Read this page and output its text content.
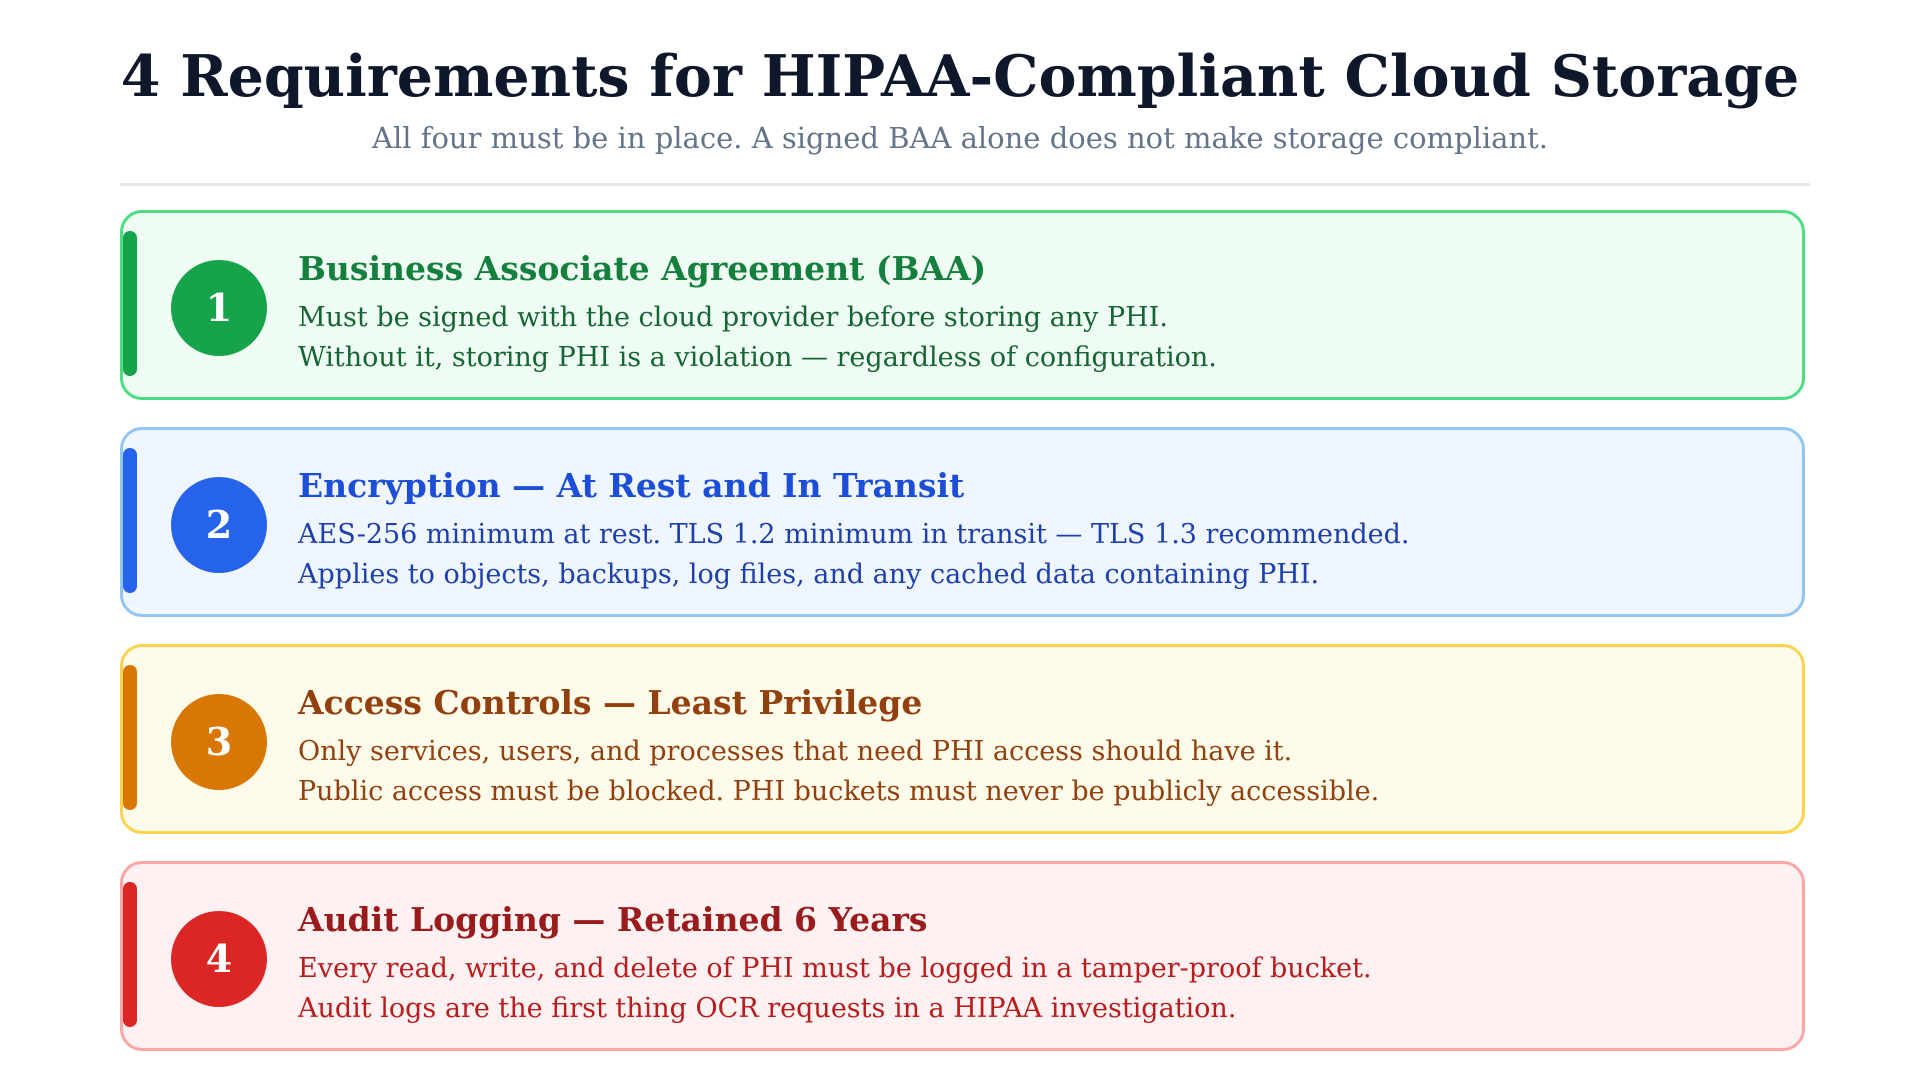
4 Requirements for HIPAA-Compliant Cloud Storage

All four must be in place. A signed BAA alone does not make storage compliant.

1
Business Associate Agreement (BAA)
Must be signed with the cloud provider before storing any PHI.
Without it, storing PHI is a violation — regardless of configuration.
2
Encryption — At Rest and In Transit
AES-256 minimum at rest. TLS 1.2 minimum in transit — TLS 1.3 recommended.
Applies to objects, backups, log files, and any cached data containing PHI.
3
Access Controls — Least Privilege
Only services, users, and processes that need PHI access should have it.
Public access must be blocked. PHI buckets must never be publicly accessible.
4
Audit Logging — Retained 6 Years
Every read, write, and delete of PHI must be logged in a tamper-proof bucket.
Audit logs are the first thing OCR requests in a HIPAA investigation.
